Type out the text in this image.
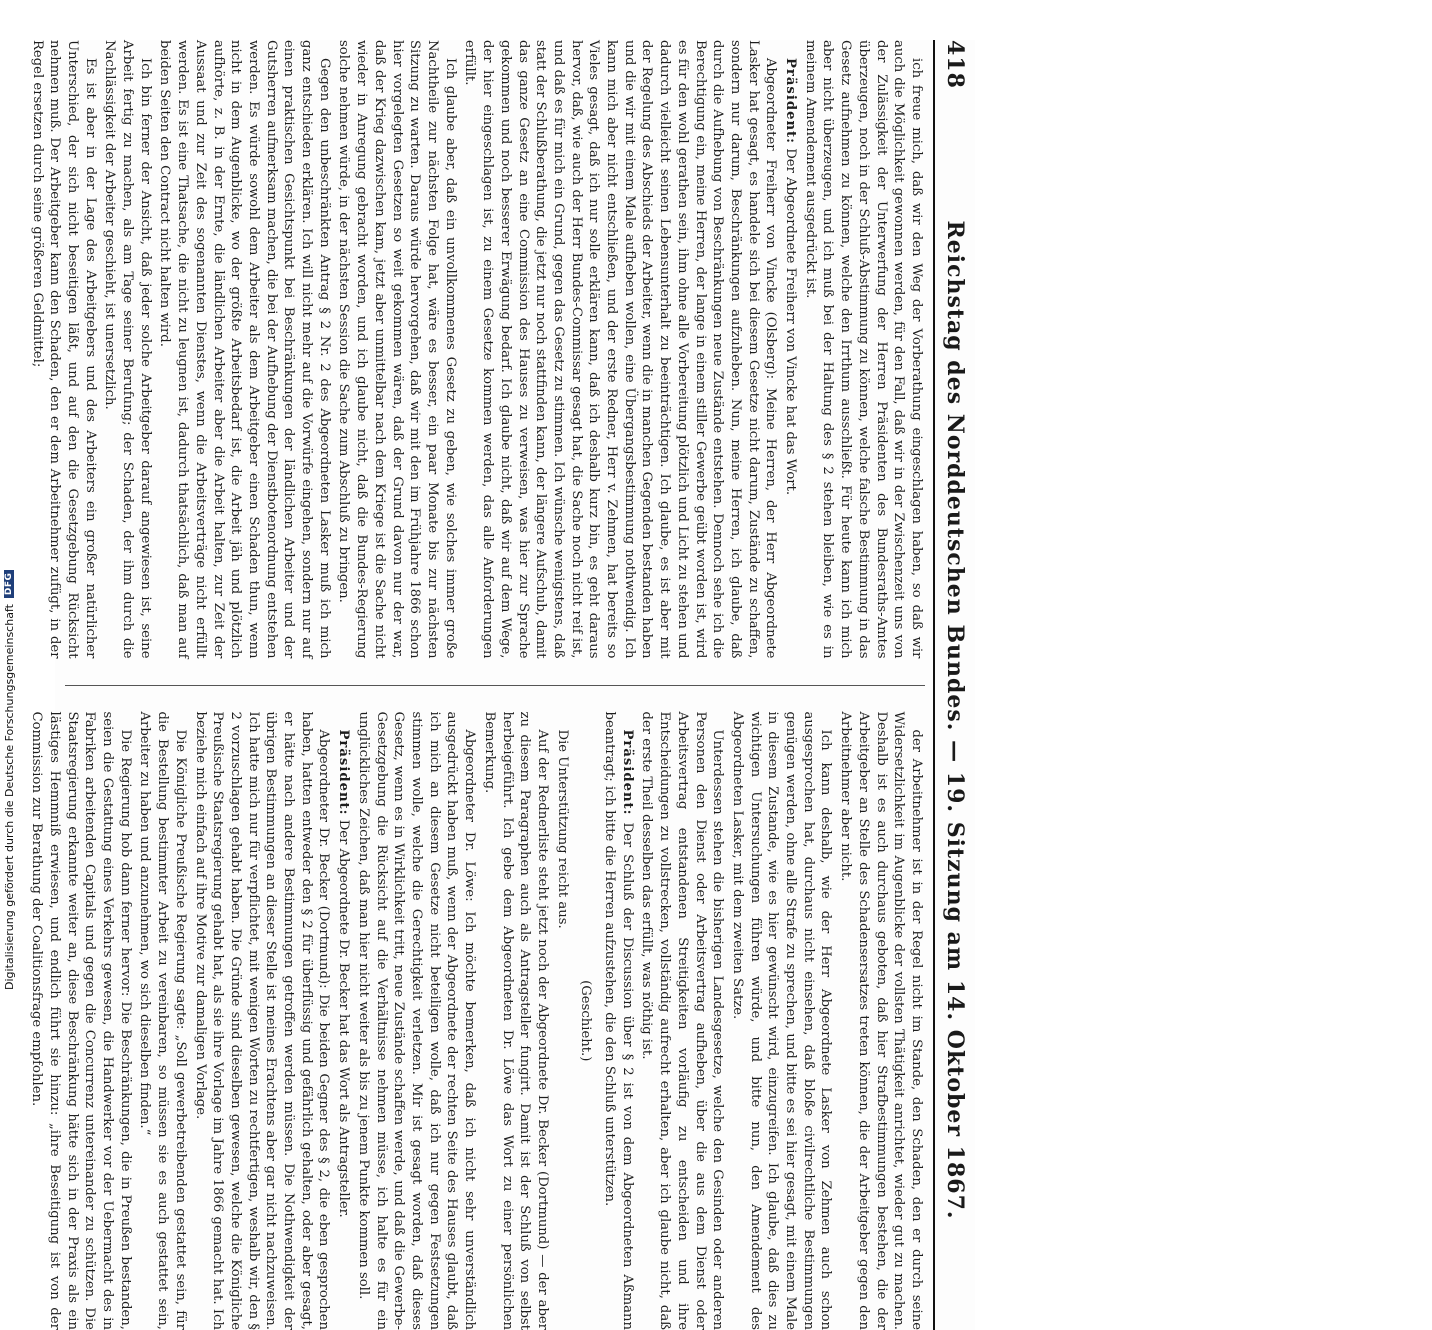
Digitalisierung gefördert durch die Deutsche Forschungsgemeinschaft
DFG
418
Reichstag des Norddeutschen Bundes. — 19. Sitzung am 14. Oktober 1867.

ich freue mich, daß wir den Weg der Vorberathung eingeschlagen haben, so daß wir auch die Möglichkeit gewonnen werden, für den Fall, daß wir in der Zwischenzeit uns von der Zulässigkeit der Unterwerfung der Herren Präsidenten des Bundesraths-Amtes überzeugen, noch in der Schluß-Abstimmung zu können, welche falsche Bestimmung in das Gesetz aufnehmen zu können, welche den Irrthum ausschließt. Für heute kann ich mich aber nicht überzeugen, und ich muß bei der Haltung des § 2 stehen bleiben, wie es in meinem Amendement ausgedrückt ist.

Präsident: Der Abgeordnete Freiherr von Vincke hat das Wort.

Abgeordneter Freiherr von Vincke (Olsberg): Meine Herren, der Herr Abgeordnete Lasker hat gesagt, es handele sich bei diesem Gesetze nicht darum, Zustände zu schaffen, sondern nur darum, Beschränkungen aufzuheben. Nun, meine Herren, ich glaube, daß durch die Aufhebung von Beschränkungen neue Zustände entstehen. Dennoch sehe ich die Berechtigung ein, meine Herren, der lange in einem stiller Gewerbe geübt worden ist, wird es für den wohl gerathen sein, ihm ohne alle Vorbereitung plötzlich und Licht zu stehen und dadurch vielleicht seinen Lebensunterhalt zu beeinträchtigen. Ich glaube, es ist aber mit der Regelung des Abschieds der Arbeiter, wenn die in manchen Gegenden bestanden haben und die wir mit einem Male aufheben wollen, eine Übergangsbestimmung nothwendig. Ich kann mich aber nicht entschließen, und der erste Redner, Herr v. Zehmen, hat bereits so Vieles gesagt, daß ich nur solle erklären kann, daß ich deshalb kurz bin, es geht daraus hervor, daß, wie auch der Herr Bundes-Commissar gesagt hat, die Sache noch nicht reif ist, und daß es für mich ein Grund, gegen das Gesetz zu stimmen. Ich wünsche wenigstens, daß statt der Schlußberathung, die jetzt nur noch stattfinden kann, der längere Aufschub, damit das ganze Gesetz an eine Commission des Hauses zu verweisen, was hier zur Sprache gekommen und noch besserer Erwägung bedarf. Ich glaube nicht, daß wir auf dem Wege, der hier eingeschlagen ist, zu einem Gesetze kommen werden, das alle Anforderungen erfüllt.

Ich glaube aber, daß ein unvollkommenes Gesetz zu geben, wie solches immer große Nachtheile zur nächsten Folge hat, wäre es besser, ein paar Monate bis zur nächsten Sitzung zu warten. Daraus würde hervorgehen, daß wir mit den im Frühjahre 1866 schon hier vorgelegten Gesetzen so weit gekommen wären, daß der Grund davon nur der war, daß der Krieg dazwischen kam, jetzt aber unmittelbar nach dem Kriege ist die Sache nicht wieder in Anregung gebracht worden, und ich glaube nicht, daß die Bundes-Regierung solche nehmen würde, in der nächsten Session die Sache zum Abschluß zu bringen.

Gegen den unbeschränkten Antrag § 2 Nr. 2 des Abgeordneten Lasker muß ich mich ganz entschieden erklären. Ich will nicht mehr auf die Vorwürfe eingehen, sondern nur auf einen praktischen Gesichtspunkt bei Beschränkungen der ländlichen Arbeiter und der Gutsherren aufmerksam machen, die bei der Aufhebung der Dienstbotenordnung entstehen werden. Es würde sowohl dem Arbeiter als dem Arbeitgeber einen Schaden thun, wenn nicht in dem Augenblicke, wo der größte Arbeitsbedarf ist, die Arbeit jäh und plötzlich aufhörte, z. B. in der Ernte, die ländlichen Arbeiter aber die Arbeit halten, zur Zeit der Aussaat und zur Zeit des sogenannten Dienstes, wenn die Arbeitsverträge nicht erfüllt werden. Es ist eine Thatsache, die nicht zu leugnen ist, dadurch thatsächlich, daß man auf beiden Seiten den Contract nicht halten wird.

Ich bin ferner der Ansicht, daß jeder solche Arbeitgeber darauf angewiesen ist, seine Arbeit fertig zu machen, als am Tage seiner Berufung; der Schaden, der ihm durch die Nachlässigkeit der Arbeiter geschieht, ist unersetzlich.

Es ist aber in der Lage des Arbeitgebers und des Arbeiters ein großer natürlicher Unterschied, der sich nicht beseitigen läßt, und auf den die Gesetzgebung Rücksicht nehmen muß. Der Arbeitgeber kann den Schaden, den er dem Arbeitnehmer zufügt, in der Regel ersetzen durch seine größeren Geldmittel;

der Arbeitnehmer ist in der Regel nicht im Stande, den Schaden, den er durch seine Widersetzlichkeit im Augenblicke der vollsten Thätigkeit anrichtet, wieder gut zu machen. Deshalb ist es auch durchaus geboten, daß hier Strafbestimmungen bestehen, die der Arbeitgeber an Stelle des Schadensersatzes treten können, die der Arbeitgeber gegen den Arbeitnehmer aber nicht.

Ich kann deshalb, wie der Herr Abgeordnete Lasker von Zehmen auch schon ausgesprochen hat, durchaus nicht einsehen, daß bloße civilrechtliche Bestimmungen genügen werden, ohne alle Strafe zu sprechen, und bitte es sei hier gesagt, mit einem Male in diesem Zustande, wie es hier gewünscht wird, einzugreifen. Ich glaube, daß dies zu wichtigen Untersuchungen führen würde, und bitte nun, den Amendement des Abgeordneten Lasker, mit dem zweiten Satze.

Unterdessen stehen die bisherigen Landesgesetze, welche den Gesinden oder anderen Personen den Dienst oder Arbeitsvertrag aufheben, über die aus dem Dienst oder Arbeitsvertrag entstandenen Streitigkeiten vorläufig zu entscheiden und ihre Entscheidungen zu vollstrecken, vollständig aufrecht erhalten, aber ich glaube nicht, daß der erste Theil desselben das erfüllt, was nöthig ist.

Präsident: Der Schluß der Discussion über § 2 ist von dem Abgeordneten Aßmann beantragt; ich bitte die Herren aufzustehen, die den Schluß unterstützen.

(Geschieht.)

Die Unterstützung reicht aus.

Auf der Rednerliste steht jetzt noch der Abgeordnete Dr. Becker (Dortmund) — der aber zu diesem Paragraphen auch als Antragsteller fungirt. Damit ist der Schluß von selbst herbeigeführt. Ich gebe dem Abgeordneten Dr. Löwe das Wort zu einer persönlichen Bemerkung.

Abgeordneter Dr. Löwe: Ich möchte bemerken, daß ich nicht sehr unverständlich ausgedrückt haben muß, wenn der Abgeordnete der rechten Seite des Hauses glaubt, daß ich mich an diesem Gesetze nicht beteiligen wolle, daß ich nur gegen Festsetzungen stimmen wolle, welche die Gerechtigkeit verletzen. Mir ist gesagt worden, daß dieses Gesetz, wenn es in Wirklichkeit tritt, neue Zustände schaffen werde, und daß die Gewerbe-Gesetzgebung die Rücksicht auf die Verhältnisse nehmen müsse, ich halte es für ein unglückliches Zeichen, daß man hier nicht weiter als bis zu jenem Punkte kommen soll.

Präsident: Der Abgeordnete Dr. Becker hat das Wort als Antragsteller.

Abgeordneter Dr. Becker (Dortmund): Die beiden Gegner des § 2, die eben gesprochen haben, hatten entweder den § 2 für überflüssig und gefährlich gehalten, oder aber gesagt, er hätte nach andere Bestimmungen getroffen werden müssen. Die Nothwendigkeit der übrigen Bestimmungen an dieser Stelle ist meines Erachtens aber gar nicht nachzuweisen. Ich hatte mich nur für verpflichtet, mit wenigen Worten zu rechtfertigen, weshalb wir, den § 2 vorzuschlagen gehabt haben. Die Gründe sind dieselben gewesen, welche die Königliche Preußische Staatsregierung gehabt hat, als sie ihre Vorlage im Jahre 1866 gemacht hat. Ich beziehe mich einfach auf ihre Motive zur damaligen Vorlage.

Die Königliche Preußische Regierung sagte: „Soll gewerbetreibenden gestattet sein, für die Bestellung bestimmter Arbeit zu vereinbaren, so müssen sie es auch gestattet sein, Arbeiter zu haben und anzunehmen, wo sich dieselben finden.“

Die Regierung hob dann ferner hervor: Die Beschränkungen, die in Preußen bestanden, seien die Gestattung eines Verkehrs gewesen, die Handwerker vor der Uebermacht des in Fabriken arbeitenden Capitals und gegen die Concurrenz untereinander zu schützen. Die Staatsregierung erkannte weiter an, diese Beschränkung hätte sich in der Praxis als ein lästiges Hemmniß erwiesen, und endlich führt sie hinzu: „ihre Beseitigung ist von der Commission zur Berathung der Coalitionsfrage empfohlen.
